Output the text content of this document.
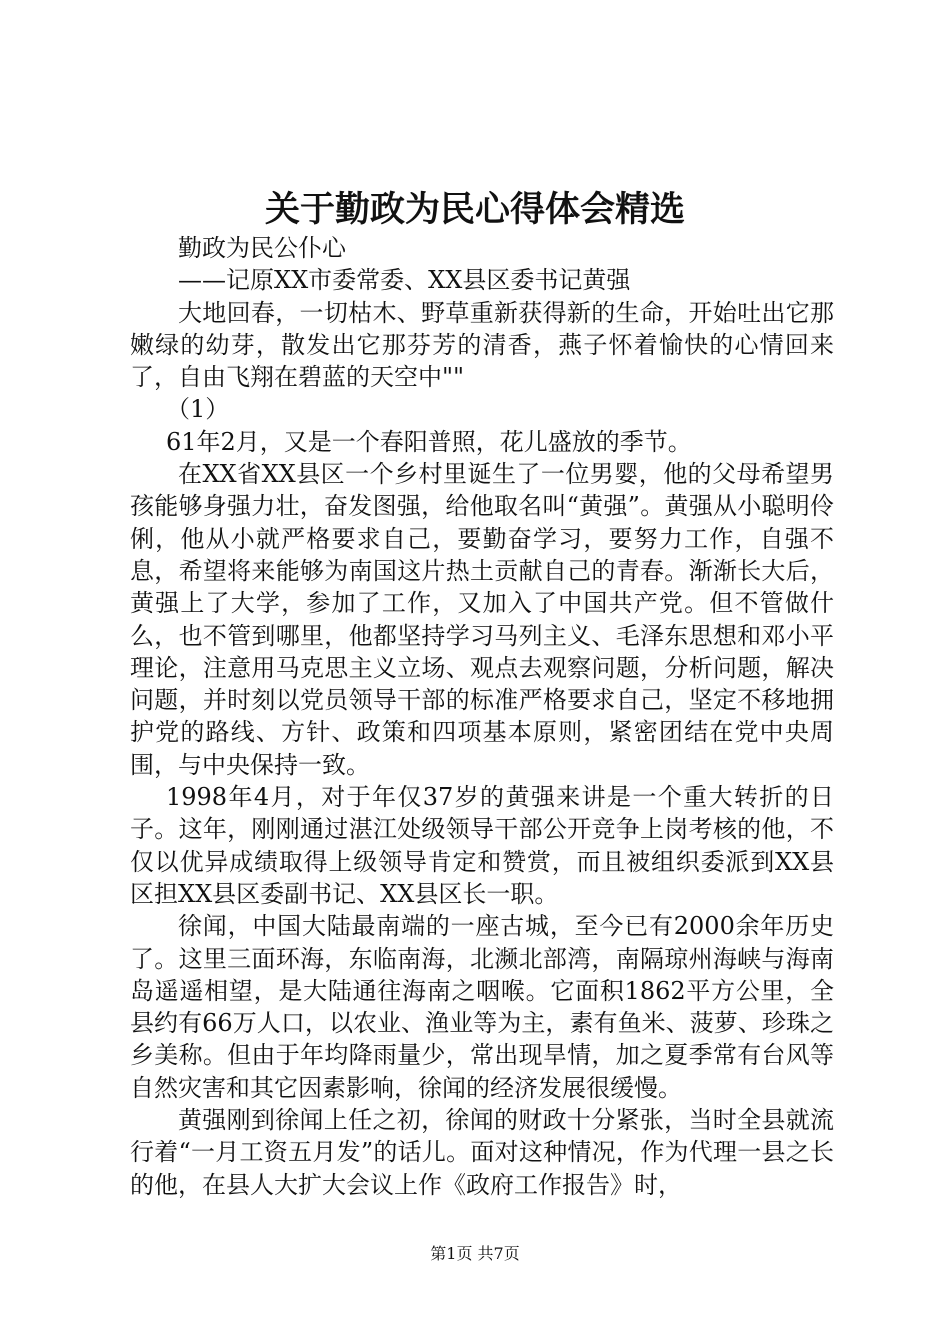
关于勤政为民心得体会精选

勤政为民公仆心

——记原XX市委常委、XX县区委书记黄强

大地回春，一切枯木、野草重新获得新的生命，开始吐出它那嫩绿的幼芽，散发出它那芬芳的清香，燕子怀着愉快的心情回来了，自由飞翔在碧蓝的天空中""

（1）

61年2月，又是一个春阳普照，花儿盛放的季节。

在XX省XX县区一个乡村里诞生了一位男婴，他的父母希望男孩能够身强力壮，奋发图强，给他取名叫“黄强”。黄强从小聪明伶俐，他从小就严格要求自己，要勤奋学习，要努力工作，自强不息，希望将来能够为南国这片热土贡献自己的青春。渐渐长大后，黄强上了大学，参加了工作，又加入了中国共产党。但不管做什么，也不管到哪里，他都坚持学习马列主义、毛泽东思想和邓小平理论，注意用马克思主义立场、观点去观察问题，分析问题，解决问题，并时刻以党员领导干部的标准严格要求自己，坚定不移地拥护党的路线、方针、政策和四项基本原则，紧密团结在党中央周围，与中央保持一致。

1998年4月，对于年仅37岁的黄强来讲是一个重大转折的日子。这年，刚刚通过湛江处级领导干部公开竞争上岗考核的他，不仅以优异成绩取得上级领导肯定和赞赏，而且被组织委派到XX县区担XX县区委副书记、XX县区长一职。

徐闻，中国大陆最南端的一座古城，至今已有2000余年历史了。这里三面环海，东临南海，北濒北部湾，南隔琼州海峡与海南岛遥遥相望，是大陆通往海南之咽喉。它面积1862平方公里，全县约有66万人口，以农业、渔业等为主，素有鱼米、菠萝、珍珠之乡美称。但由于年均降雨量少，常出现旱情，加之夏季常有台风等自然灾害和其它因素影响，徐闻的经济发展很缓慢。

黄强刚到徐闻上任之初，徐闻的财政十分紧张，当时全县就流行着“一月工资五月发”的话儿。面对这种情况，作为代理一县之长的他，在县人大扩大会议上作《政府工作报告》时，

第1页 共7页
